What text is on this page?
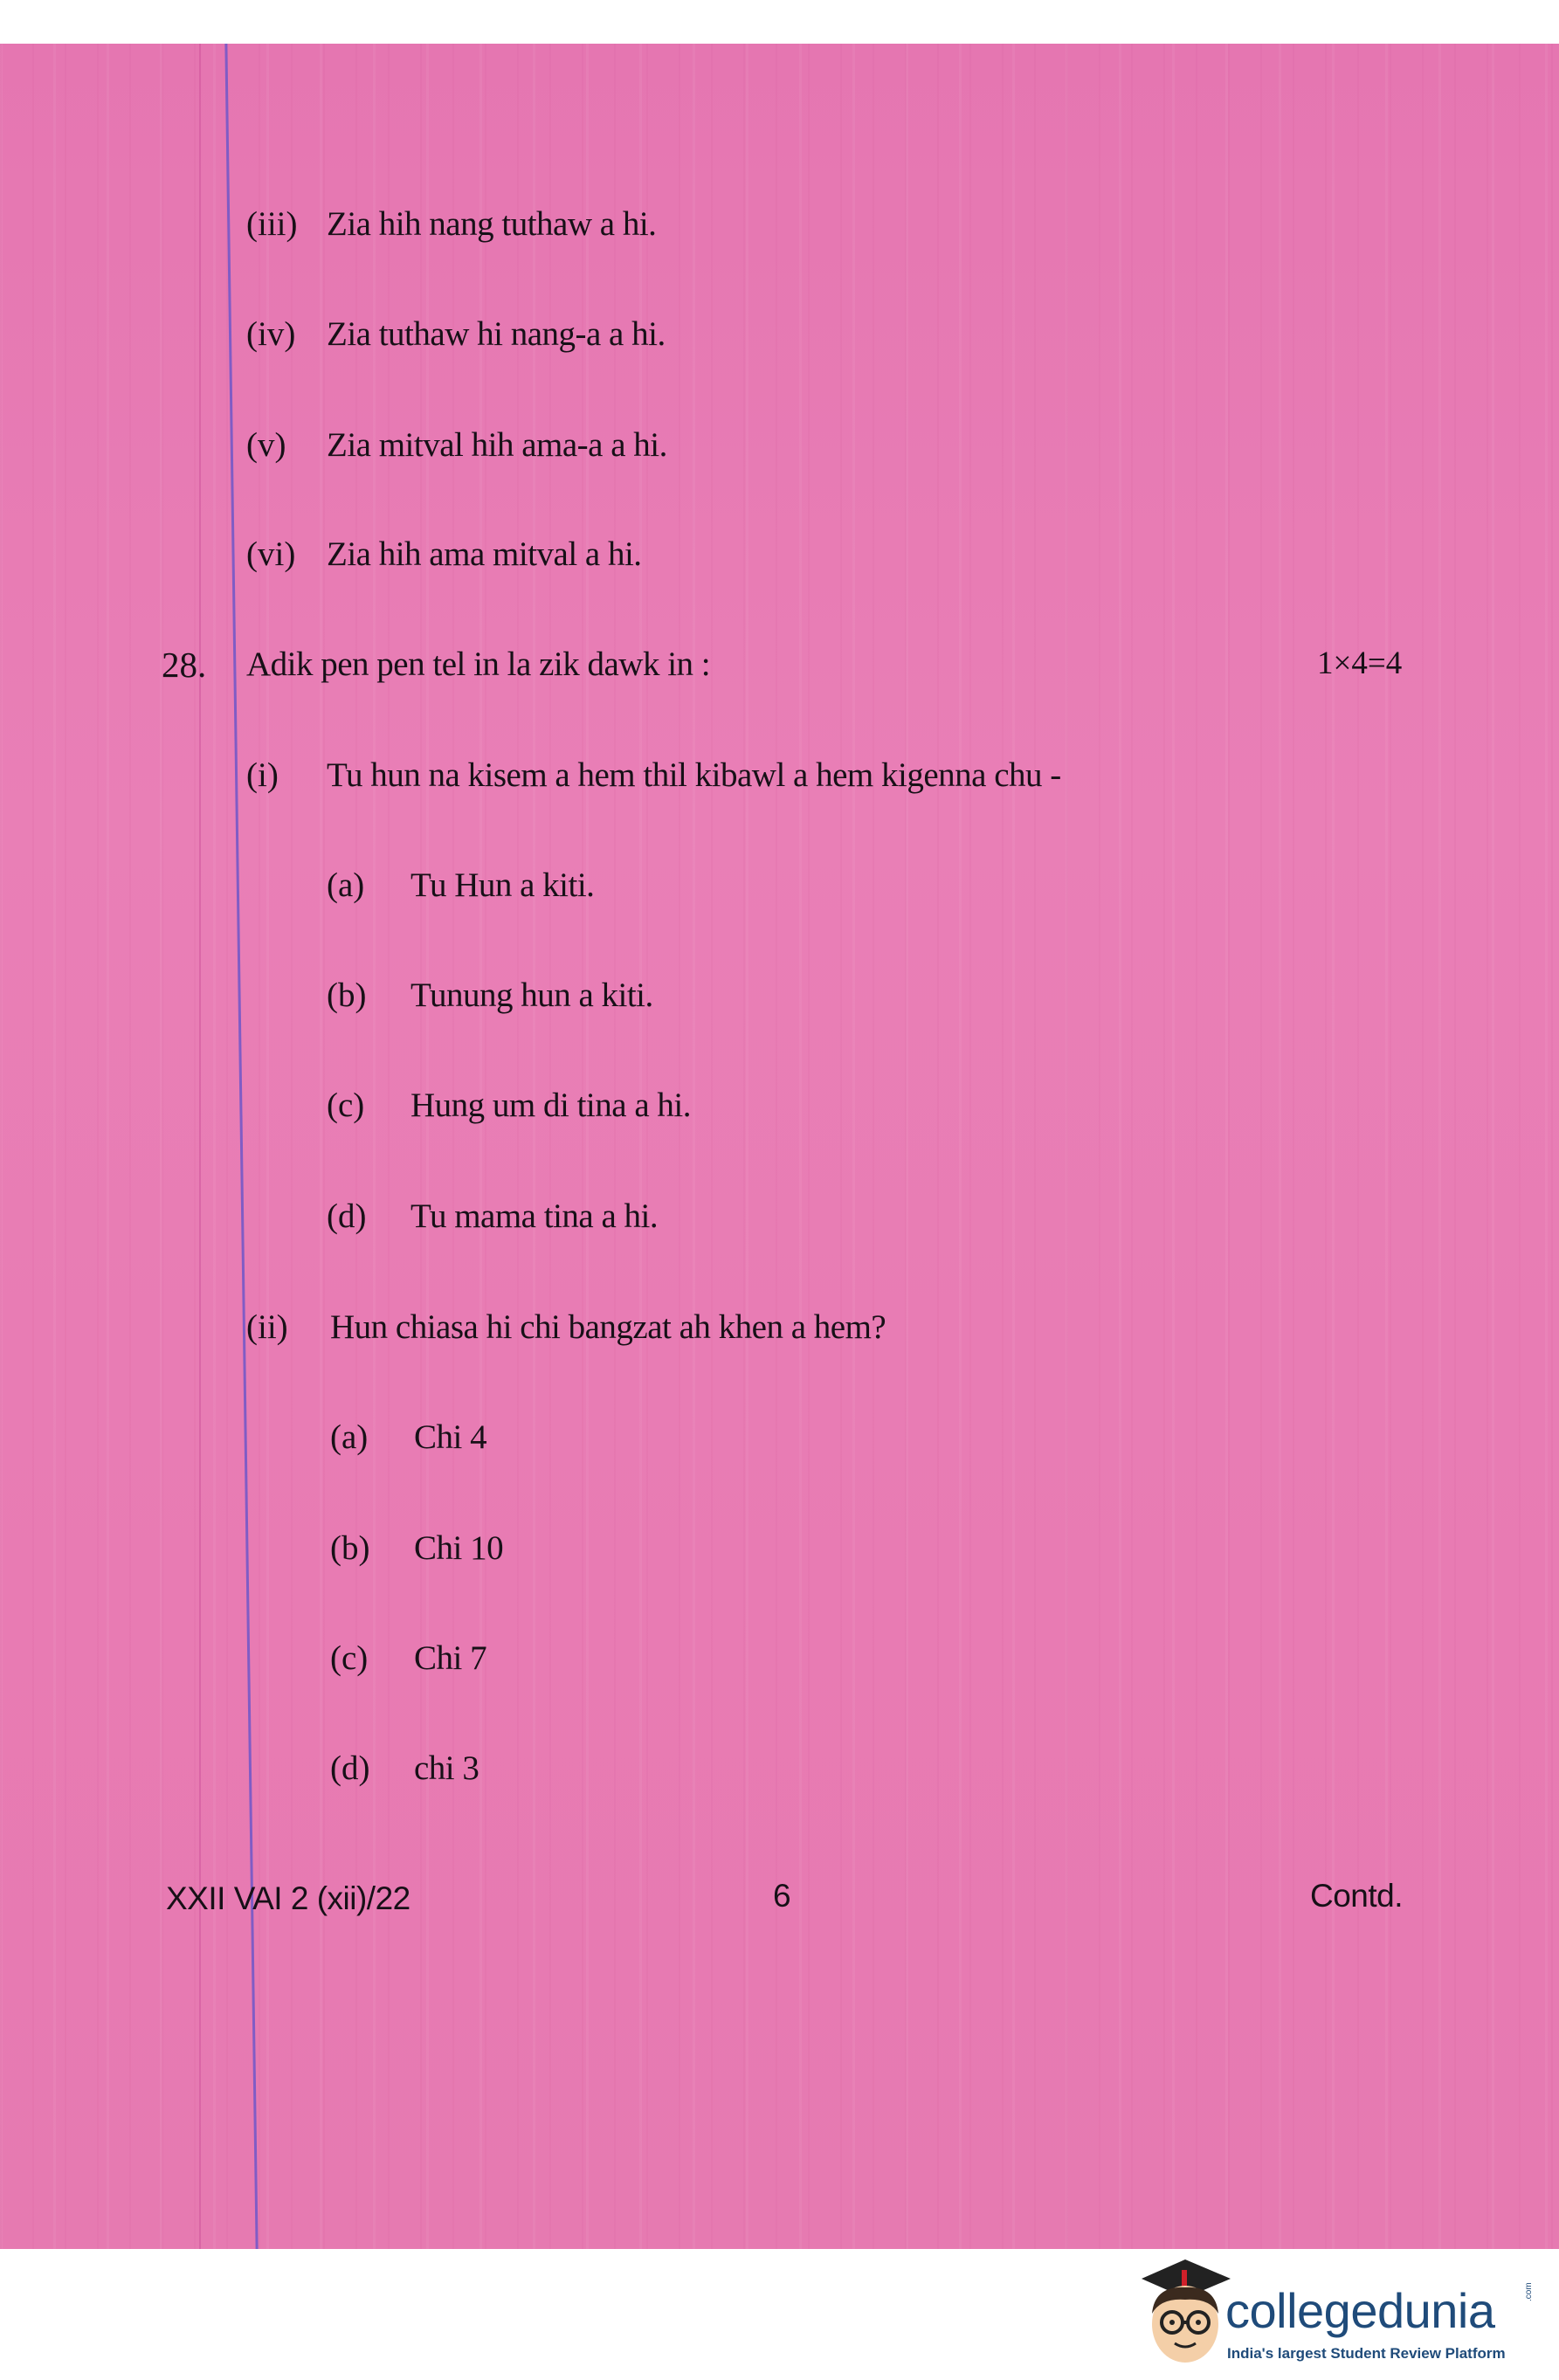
(iii) Zia hih nang tuthaw a hi.
(iv) Zia tuthaw hi nang-a a hi.
(v) Zia mitval hih ama-a a hi.
(vi) Zia hih ama mitval a hi.
28. Adik pen pen tel in la zik dawk in :	1×4=4
(i) Tu hun na kisem a hem thil kibawl a hem kigenna chu -
(a) Tu Hun a kiti.
(b) Tunung hun a kiti.
(c) Hung um di tina a hi.
(d) Tu mama tina a hi.
(ii) Hun chiasa hi chi bangzat ah khen a hem?
(a) Chi 4
(b) Chi 10
(c) Chi 7
(d) chi 3
XXII VAI 2 (xii)/22	6	Contd.
collegedunia
India's largest Student Review Platform
.com
